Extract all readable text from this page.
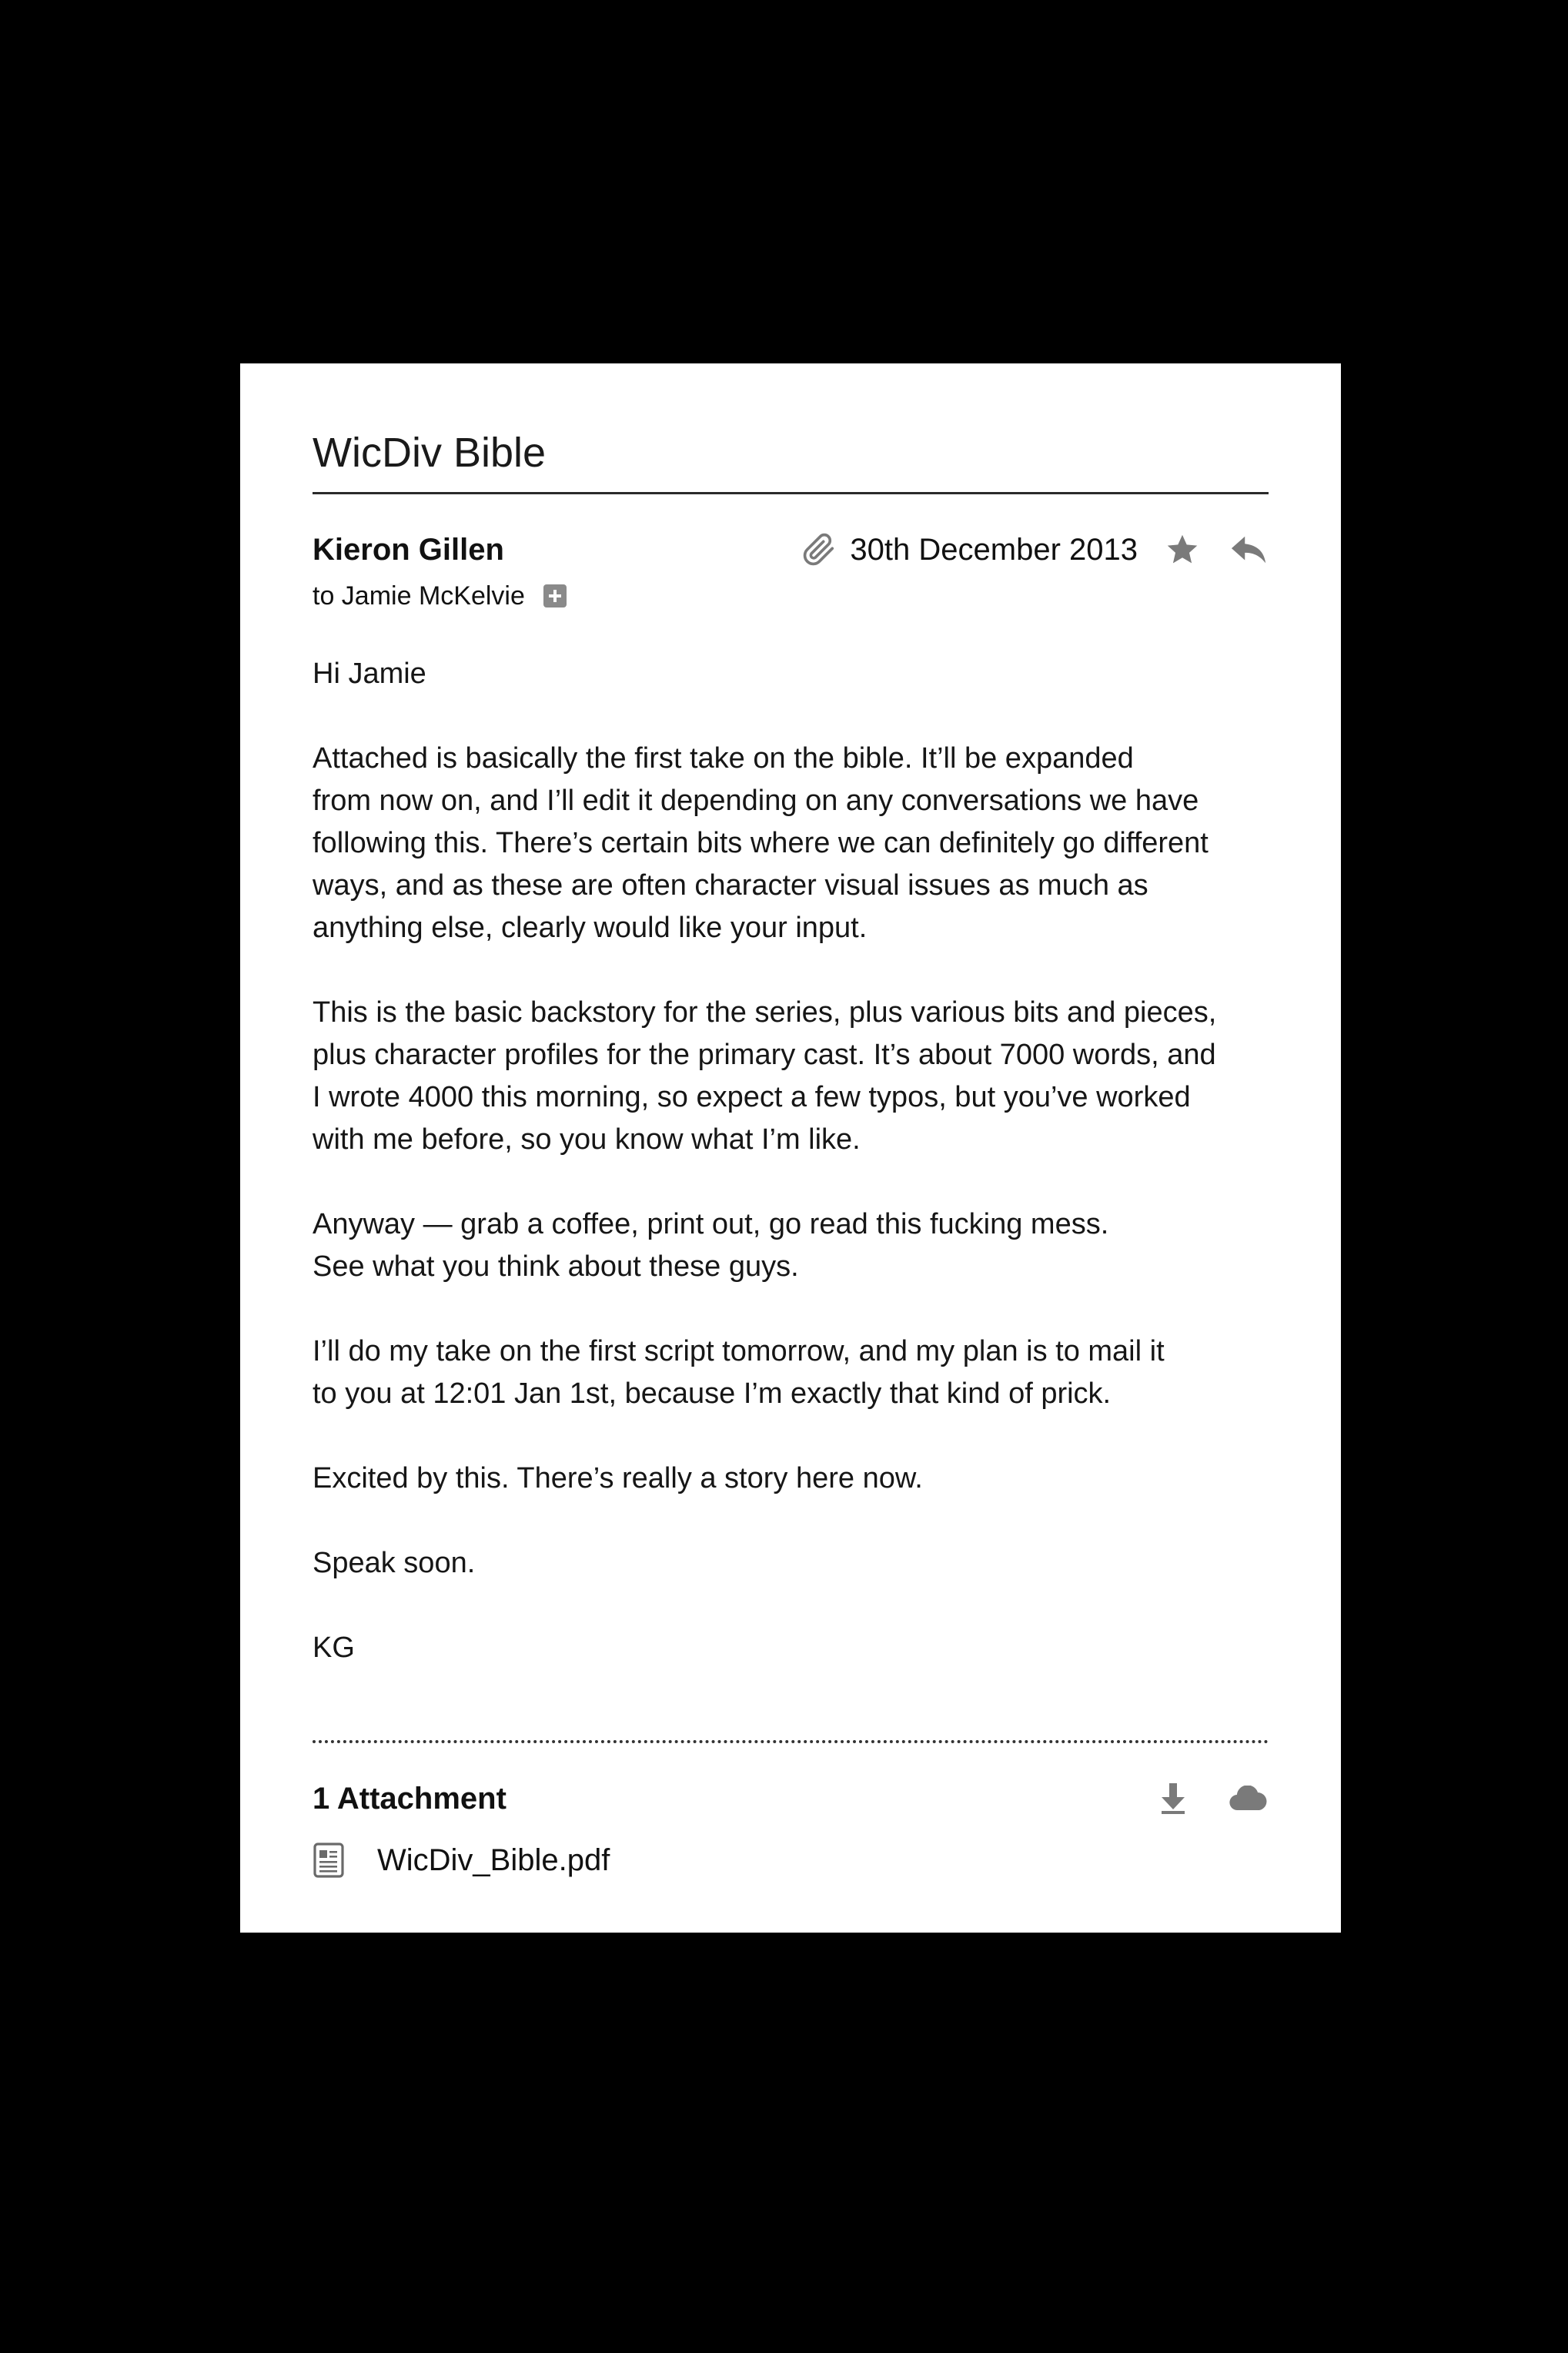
WicDiv Bible
Kieron Gillen
to Jamie McKelvie
30th December 2013

Hi Jamie

Attached is basically the first take on the bible. It’ll be expanded
from now on, and I’ll edit it depending on any conversations we have
following this. There’s certain bits where we can definitely go different
ways, and as these are often character visual issues as much as
anything else, clearly would like your input.

This is the basic backstory for the series, plus various bits and pieces,
plus character profiles for the primary cast. It’s about 7000 words, and
I wrote 4000 this morning, so expect a few typos, but you’ve worked
with me before, so you know what I’m like.

Anyway — grab a coffee, print out, go read this fucking mess.
See what you think about these guys.

I’ll do my take on the first script tomorrow, and my plan is to mail it
to you at 12:01 Jan 1st, because I’m exactly that kind of prick.

Excited by this. There’s really a story here now.

Speak soon.

KG

1 Attachment
WicDiv_Bible.pdf
